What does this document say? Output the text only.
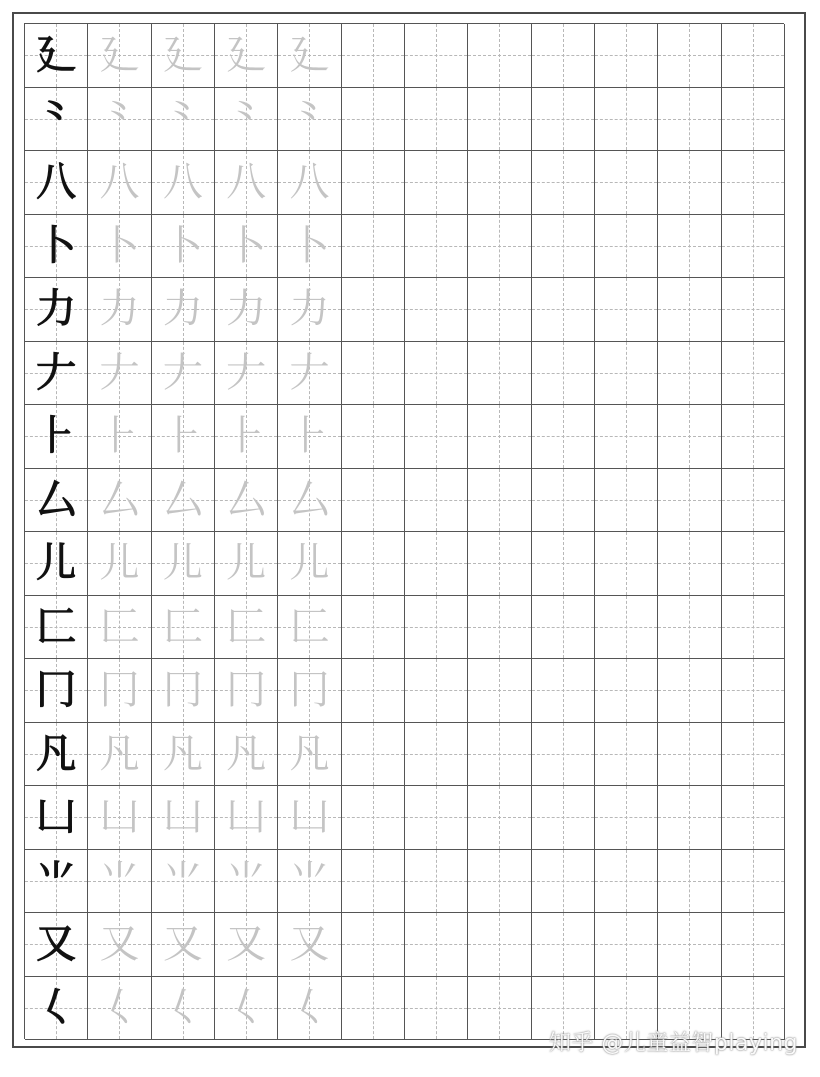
廴 廴 廴 廴 廴
⺀ ⺀ ⺀ ⺀ ⺀
八 八 八 八 八
卜 卜 卜 卜 卜
力 力 力 力 力
𠂇 𠂇 𠂇 𠂇 𠂇
⺊ ⺊ ⺊ ⺊ ⺊
厶 厶 厶 厶 厶
儿 儿 儿 儿 儿
匚 匚 匚 匚 匚
冂 冂 冂 冂 冂
凡 凡 凡 凡 凡
凵 凵 凵 凵 凵
⺌ ⺌ ⺌ ⺌ ⺌
又 又 又 又 又
𡿨 𡿨 𡿨 𡿨 𡿨
知乎 @儿童益智playing
